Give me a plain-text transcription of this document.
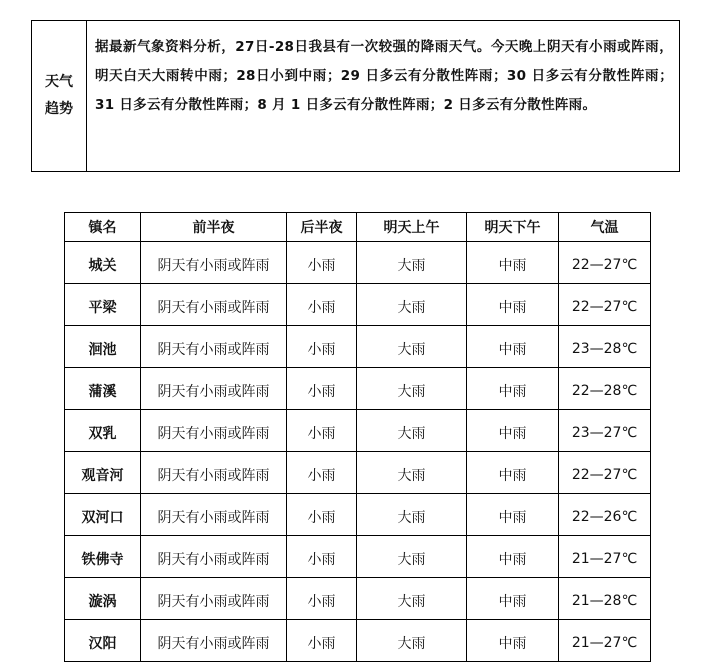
天气
趋势
据最新气象资料分析，27日-28日我县有一次较强的降雨天气。今天晚上阴天有小雨或阵雨，明天白天大雨转中雨；28日小到中雨；29 日多云有分散性阵雨；30 日多云有分散性阵雨；31 日多云有分散性阵雨；8 月 1 日多云有分散性阵雨；2 日多云有分散性阵雨。
镇名	前半夜	后半夜	明天上午	明天下午	气温
城关	阴天有小雨或阵雨	小雨	大雨	中雨	22—27℃
平梁	阴天有小雨或阵雨	小雨	大雨	中雨	22—27℃
洄池	阴天有小雨或阵雨	小雨	大雨	中雨	23—28℃
蒲溪	阴天有小雨或阵雨	小雨	大雨	中雨	22—28℃
双乳	阴天有小雨或阵雨	小雨	大雨	中雨	23—27℃
观音河	阴天有小雨或阵雨	小雨	大雨	中雨	22—27℃
双河口	阴天有小雨或阵雨	小雨	大雨	中雨	22—26℃
铁佛寺	阴天有小雨或阵雨	小雨	大雨	中雨	21—27℃
漩涡	阴天有小雨或阵雨	小雨	大雨	中雨	21—28℃
汉阳	阴天有小雨或阵雨	小雨	大雨	中雨	21—27℃
